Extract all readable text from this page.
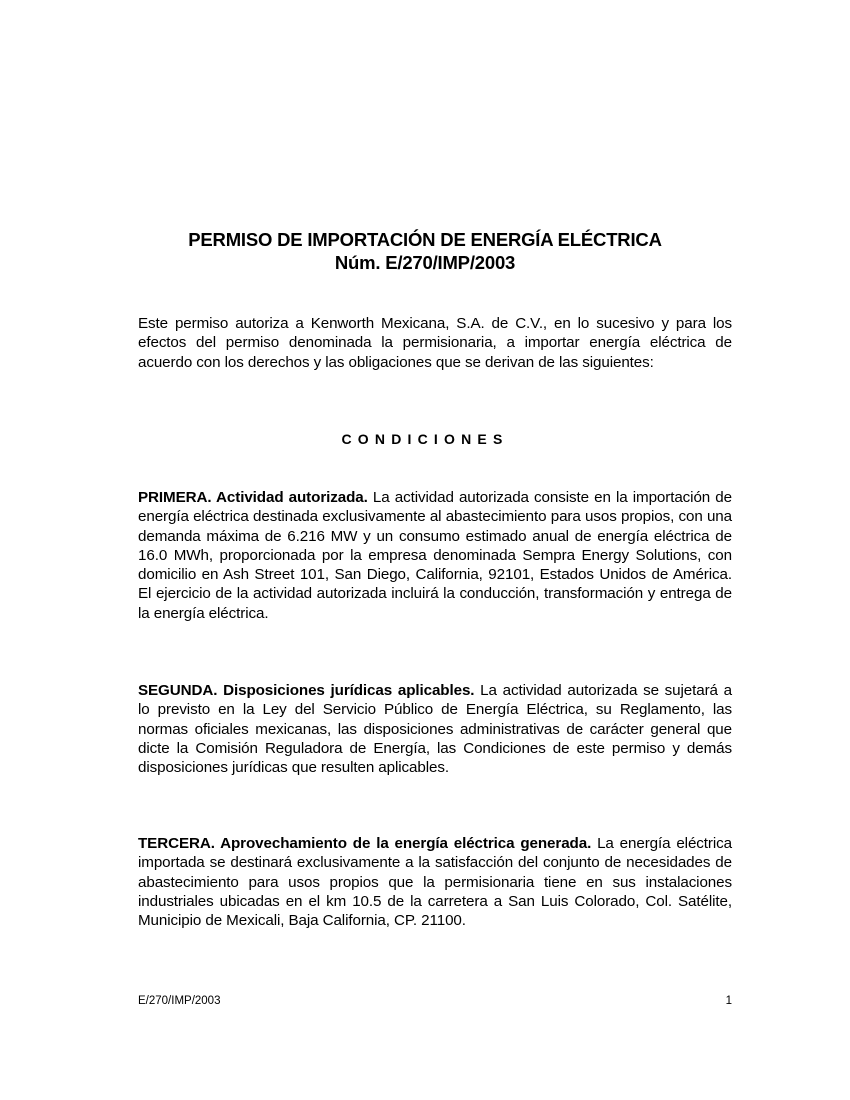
PERMISO DE IMPORTACIÓN DE ENERGÍA ELÉCTRICA
Núm. E/270/IMP/2003
Este permiso autoriza a Kenworth Mexicana, S.A. de C.V., en lo sucesivo y para los efectos del permiso denominada la permisionaria, a importar energía eléctrica de acuerdo con los derechos y las obligaciones que se derivan de las siguientes:
CONDICIONES
PRIMERA. Actividad autorizada. La actividad autorizada consiste en la importación de energía eléctrica destinada exclusivamente al abastecimiento para usos propios, con una demanda máxima de 6.216 MW y un consumo estimado anual de energía eléctrica de 16.0 MWh, proporcionada por la empresa denominada Sempra Energy Solutions, con domicilio en Ash Street 101, San Diego, California, 92101, Estados Unidos de América. El ejercicio de la actividad autorizada incluirá la conducción, transformación y entrega de la energía eléctrica.
SEGUNDA. Disposiciones jurídicas aplicables. La actividad autorizada se sujetará a lo previsto en la Ley del Servicio Público de Energía Eléctrica, su Reglamento, las normas oficiales mexicanas, las disposiciones administrativas de carácter general que dicte la Comisión Reguladora de Energía, las Condiciones de este permiso y demás disposiciones jurídicas que resulten aplicables.
TERCERA. Aprovechamiento de la energía eléctrica generada. La energía eléctrica importada se destinará exclusivamente a la satisfacción del conjunto de necesidades de abastecimiento para usos propios que la permisionaria tiene en sus instalaciones industriales ubicadas en el km 10.5 de la carretera a San Luis Colorado, Col. Satélite, Municipio de Mexicali, Baja California, CP. 21100.
E/270/IMP/2003	1
